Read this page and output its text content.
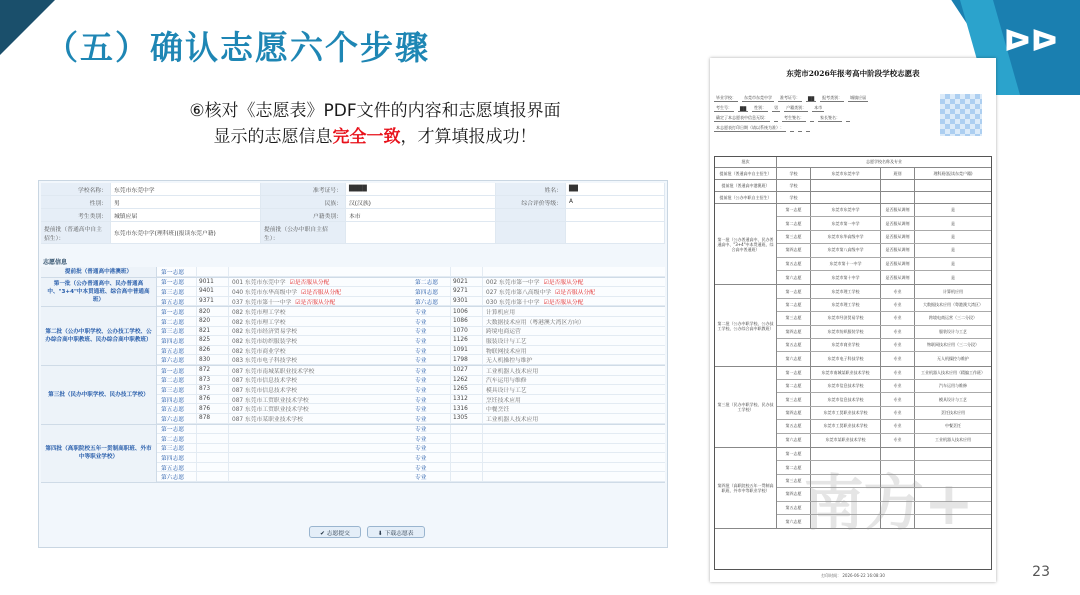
ᐅᐅ
（五）确认志愿六个步骤
⑥核对《志愿表》PDF文件的内容和志愿填报界面
显示的志愿信息完全一致，才算填报成功！
学校名称：	东莞市东莞中学	准考证号：	████	姓名：	██
性别：	男	民族：	汉(汉族)	综合评价等级：	A
考生类别：	城镇应届	户籍类别：	本市
提前批（普通高中自主招生）：
东莞市东莞中学(理科班)(报读东莞户籍)
提前批（公办中职自主招生）：
志愿信息
提前批（普通高中港澳班）	第一志愿
第一批（公办普通高中、民办普通高中、"3+4"中本贯通班、综合高中普通高班）
第一志愿	9011	001 东莞市东莞中学 ☑是否服从分配	第二志愿	9021	002 东莞市第一中学 ☑是否服从分配
第三志愿	9401	040 东莞市东华高级中学 ☑是否服从分配	第四志愿	9271	027 东莞市第八高级中学 ☑是否服从分配
第五志愿	9371	037 东莞市第十一中学 ☑是否服从分配	第六志愿	9301	030 东莞市第十中学 ☑是否服从分配
第二批（公办中职学校、公办技工学校、公办综合高中职教班、民办综合高中职教班）
第一志愿	820	082 东莞市理工学校	专业	1006	计算机应用
第二志愿	820	082 东莞市理工学校	专业	1086	大数据技术应用（粤港澳大湾区方向）
第三志愿	821	082 东莞市经济贸易学校	专业	1070	跨境电商运营
第四志愿	825	082 东莞市纺织服装学校	专业	1126	服装设计与工艺
第五志愿	826	082 东莞市商业学校	专业	1091	物联网技术应用
第六志愿	830	083 东莞市电子科技学校	专业	1798	无人机操控与维护
第三批（民办中职学校、民办技工学校）
第一志愿	872	087 东莞市南城某职业技术学校	专业	1027	工业机器人技术应用
第二志愿	873	087 东莞市信息技术学校	专业	1262	汽车运用与维修
第三志愿	873	087 东莞市信息技术学校	专业	1265	模具设计与工艺
第四志愿	876	087 东莞市工贸职业技术学校	专业	1312	烹饪技术应用
第五志愿	876	087 东莞市工贸职业技术学校	专业	1316	中餐烹饪
第六志愿	878	087 东莞市某职业技术学校	专业	1305	工业机器人技术应用
第四批（高职院校五年一贯制高职班、外市中等职业学校）
第一志愿	专业
第二志愿	专业
第三志愿	专业
第四志愿	专业
第五志愿	专业
第六志愿	专业
✔ 志愿提交	⬇ 下载志愿表
东莞市2026年报考高中阶段学校志愿表
毕业学校：	东莞市东莞中学	准考证号：	██	报考类别：	城镇应届
考生号：	██	性别：	男	户籍类别：	本市
确定了本志愿表中信息无误：	考生签名：	家长签名：
本志愿表打印日期（请以系统为准）：
批次	志愿学校名称及专业
提前批（普通高中自主招生）	学校	东莞市东莞中学	班别	理科班(报读东莞户籍)
提前批（普通高中港澳班）	学校
提前批（公办中职自主招生）	学校
第一批（公办普通高中、民办普通高中、"3+4"中本贯通班、综合高中普通班）
第一志愿	东莞市东莞中学	是否服从调剂	是
第二志愿	东莞市第一中学	是否服从调剂	是
第三志愿	东莞市东华高级中学	是否服从调剂	是
第四志愿	东莞市第八高级中学	是否服从调剂	是
第五志愿	东莞市第十一中学	是否服从调剂	是
第六志愿	东莞市第十中学	是否服从调剂	是
第二批（公办中职学校、公办技工学校、公办综合高中职教班）
第一志愿	东莞市理工学校	专业	计算机应用
第二志愿	东莞市理工学校	专业	大数据技术应用（粤港澳大湾区）
第三志愿	东莞市经济贸易学校	专业	跨境电商运营（三二分段）
第四志愿	东莞市纺织服装学校	专业	服装设计与工艺
第五志愿	东莞市商业学校	专业	物联网技术应用（三二分段）
第六志愿	东莞市电子科技学校	专业	无人机操控与维护
第三批（民办中职学校、民办技工学校）
第一志愿	东莞市南城某职业技术学校	专业	工业机器人技术应用（精编工作班）
第二志愿	东莞市信息技术学校	专业	汽车运用与维修
第三志愿	东莞市信息技术学校	专业	模具设计与工艺
第四志愿	东莞市工贸职业技术学校	专业	烹饪技术应用
第五志愿	东莞市工贸职业技术学校	专业	中餐烹饪
第六志愿	东莞市某职业技术学校	专业	工业机器人技术应用
第四批（高职院校五年一贯制高职班、外市中等职业学校）
第一志愿
第二志愿
第三志愿
第四志愿
第五志愿
第六志愿
打印时间： 2026-06-22 16:08:30
南方+
23
